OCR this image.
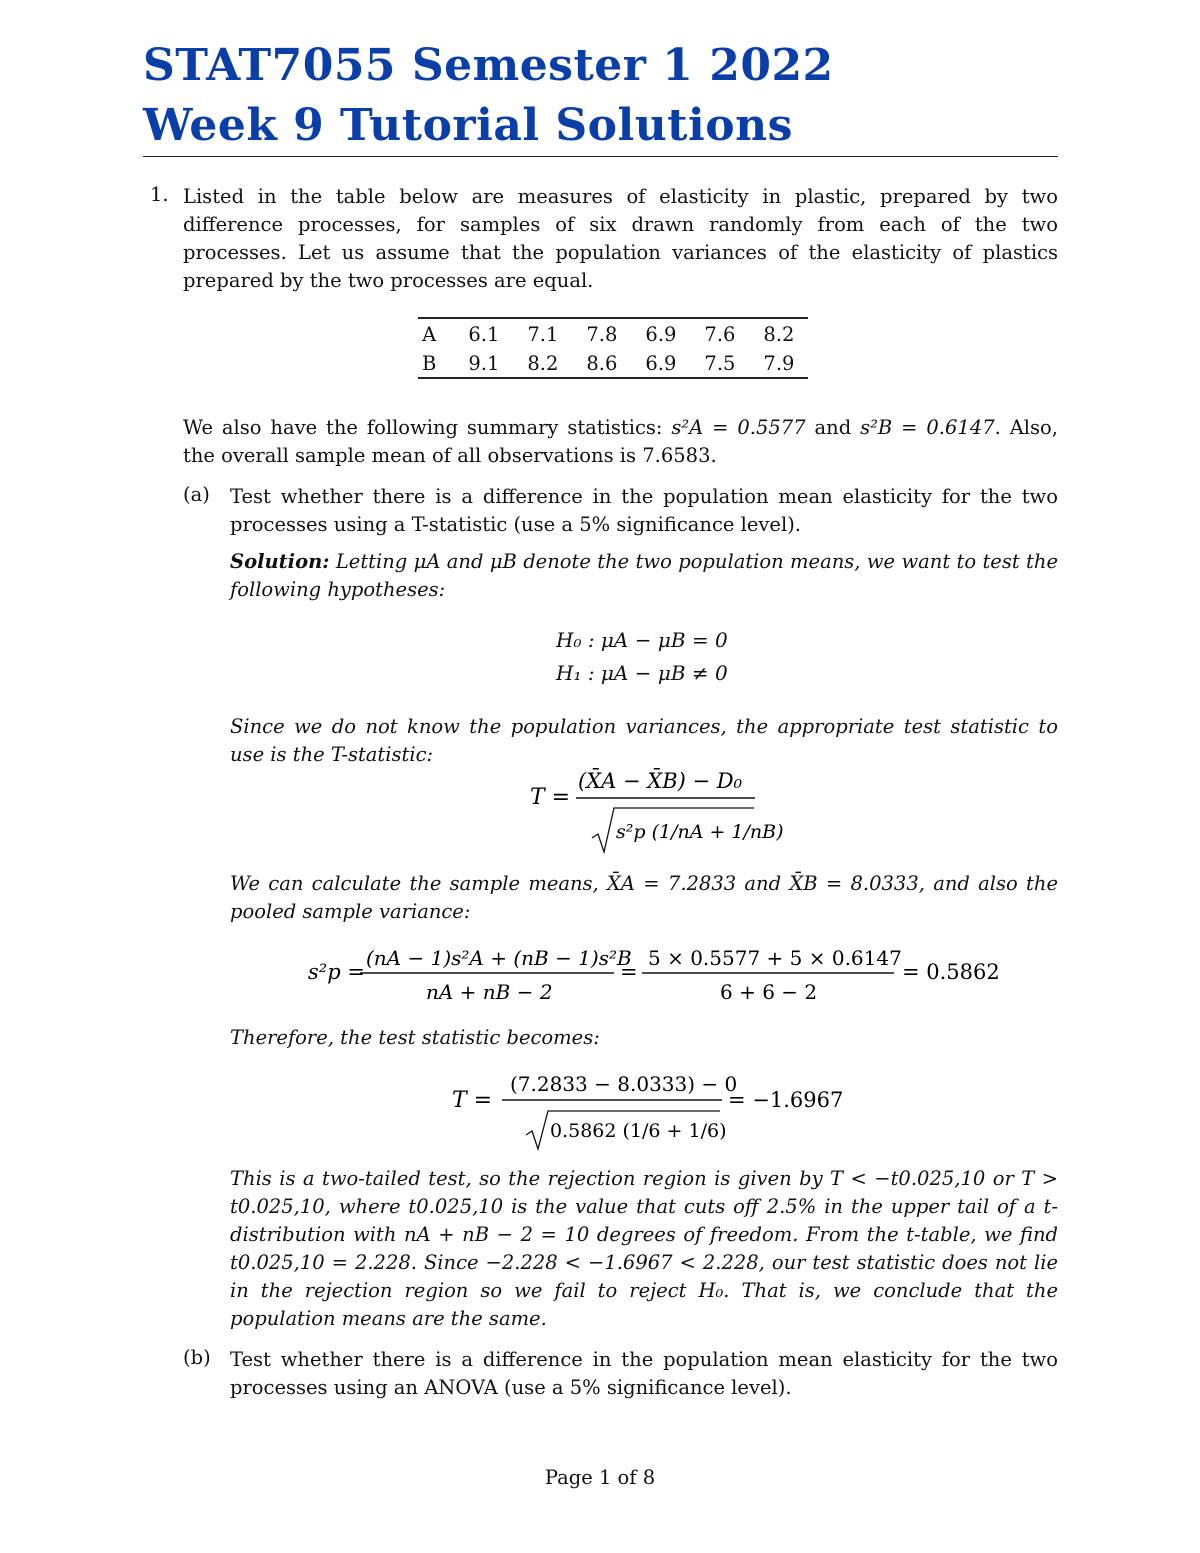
STAT7055 Semester 1 2022
Week 9 Tutorial Solutions
1. Listed in the table below are measures of elasticity in plastic, prepared by two difference processes, for samples of six drawn randomly from each of the two processes. Let us assume that the population variances of the elasticity of plastics prepared by the two processes are equal.

A	6.1	7.1	7.8	6.9	7.6	8.2
B	9.1	8.2	8.6	6.9	7.5	7.9

We also have the following summary statistics: s²A = 0.5577 and s²B = 0.6147. Also, the overall sample mean of all observations is 7.6583.

(a) Test whether there is a difference in the population mean elasticity for the two processes using a T-statistic (use a 5% significance level).

Solution: Letting μA and μB denote the two population means, we want to test the following hypotheses:

H₀ : μA − μB = 0
H₁ : μA − μB ≠ 0

Since we do not know the population variances, the appropriate test statistic to use is the T-statistic:

T =
(X̄A − X̄B) − D₀
s²p (1/nA + 1/nB)

We can calculate the sample means, X̄A = 7.2833 and X̄B = 8.0333, and also the pooled sample variance:

s²p =
(nA − 1)s²A + (nB − 1)s²B
nA + nB − 2
=
5 × 0.5577 + 5 × 0.6147
6 + 6 − 2
= 0.5862

Therefore, the test statistic becomes:

T =
(7.2833 − 8.0333) − 0
0.5862 (1/6 + 1/6)
= −1.6967

This is a two-tailed test, so the rejection region is given by T < −t0.025,10 or T > t0.025,10, where t0.025,10 is the value that cuts off 2.5% in the upper tail of a t-distribution with nA + nB − 2 = 10 degrees of freedom. From the t-table, we find t0.025,10 = 2.228. Since −2.228 < −1.6967 < 2.228, our test statistic does not lie in the rejection region so we fail to reject H₀. That is, we conclude that the population means are the same.

(b) Test whether there is a difference in the population mean elasticity for the two processes using an ANOVA (use a 5% significance level).

Page 1 of 8
